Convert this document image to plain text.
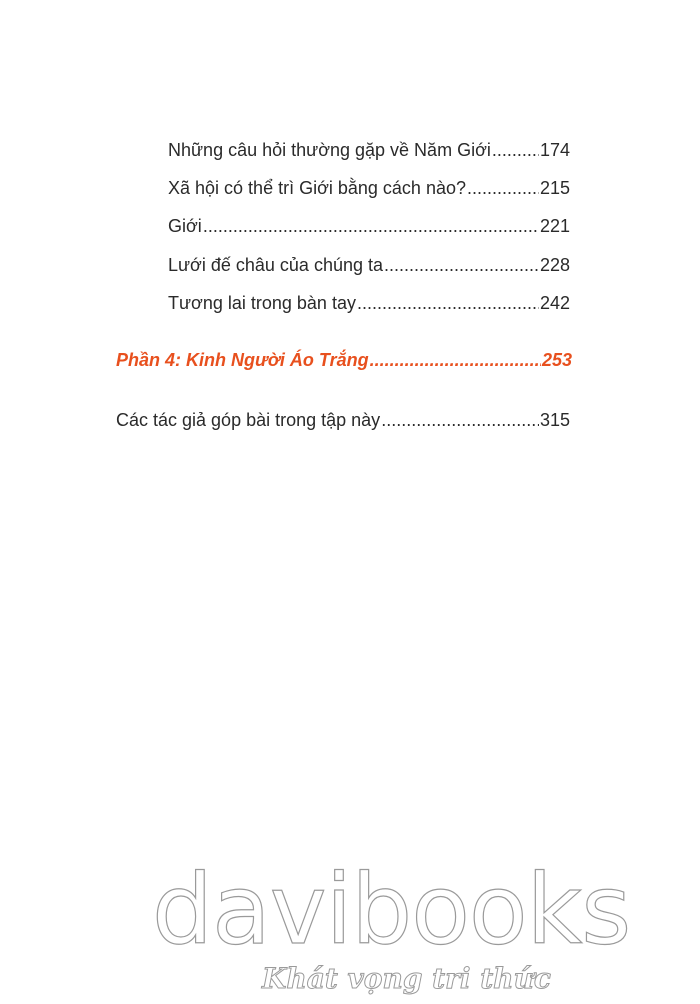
Những câu hỏi thường gặp về Năm Giới .....	174
Xã hội có thể trì Giới bằng cách nào? .....	215
Giới .....	221
Lưới đế châu của chúng ta .....	228
Tương lai trong bàn tay .....	242
Phần 4: Kinh Người Áo Trắng .....	253
Các tác giả góp bài trong tập này .....	315
davibooks
Khát vọng tri thức
